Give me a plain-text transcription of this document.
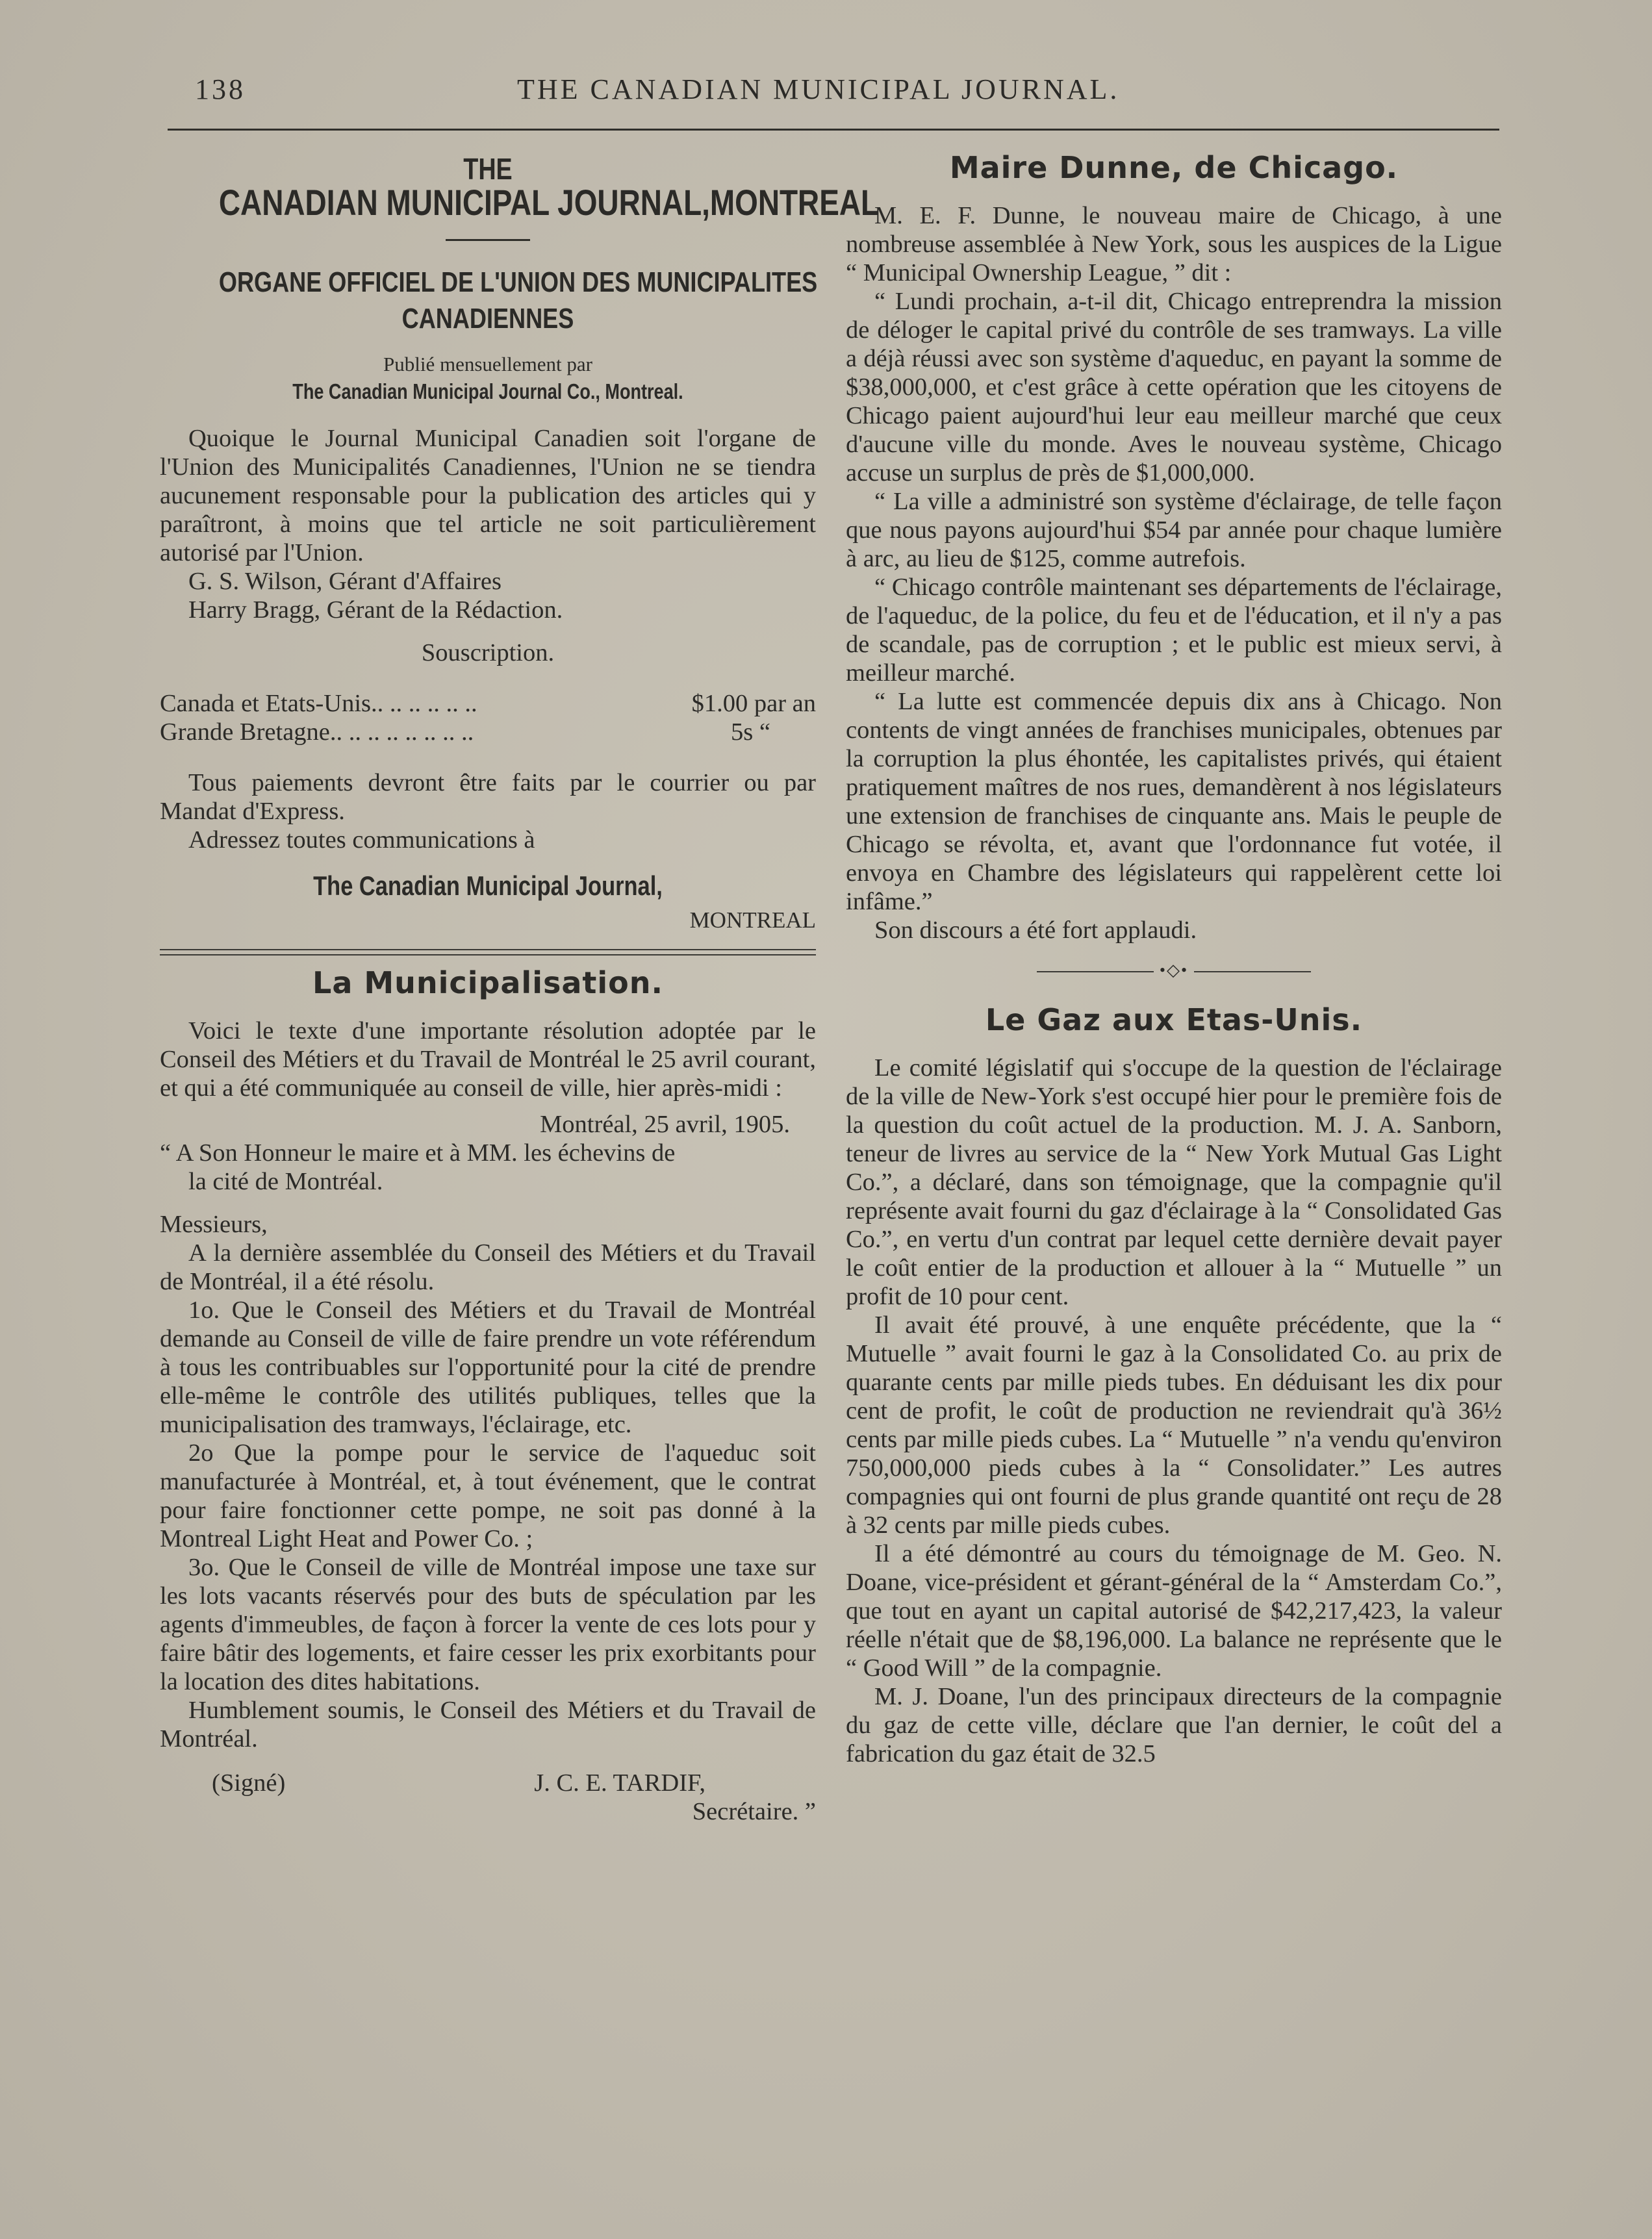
138	THE CANADIAN MUNICIPAL JOURNAL.
THE
CANADIAN MUNICIPAL JOURNAL,MONTREAL
ORGANE OFFICIEL DE L'UNION DES MUNICIPALITES
CANADIENNES
Publié mensuellement par
The Canadian Municipal Journal Co., Montreal.

Quoique le Journal Municipal Canadien soit l'organe de l'Union des Municipalités Canadiennes, l'Union ne se tiendra aucunement responsable pour la publication des articles qui y paraîtront, à moins que tel article ne soit particulièrement autorisé par l'Union.

G. S. Wilson, Gérant d'Affaires
Harry Bragg, Gérant de la Rédaction.
Souscription.
Canada et Etats-Unis.. .. .. .. .. ..	$1.00 par an
Grande Bretagne.. .. .. .. .. .. .. ..	5s “

Tous paiements devront être faits par le courrier ou par Mandat d'Express.

Adressez toutes communications à

The Canadian Municipal Journal,
MONTREAL
La Municipalisation.

Voici le texte d'une importante résolution adoptée par le Conseil des Métiers et du Travail de Montréal le 25 avril courant, et qui a été communiquée au conseil de ville, hier après-midi :

Montréal, 25 avril, 1905.
“ A Son Honneur le maire et à MM. les échevins de
la cité de Montréal.
Messieurs,

A la dernière assemblée du Conseil des Métiers et du Travail de Montréal, il a été résolu.

1o. Que le Conseil des Métiers et du Travail de Montréal demande au Conseil de ville de faire prendre un vote référendum à tous les contribuables sur l'opportunité pour la cité de prendre elle-même le contrôle des utilités publiques, telles que la municipalisation des tramways, l'éclairage, etc.

2o Que la pompe pour le service de l'aqueduc soit manufacturée à Montréal, et, à tout événement, que le contrat pour faire fonctionner cette pompe, ne soit pas donné à la Montreal Light Heat and Power Co. ;

3o. Que le Conseil de ville de Montréal impose une taxe sur les lots vacants réservés pour des buts de spéculation par les agents d'immeubles, de façon à forcer la vente de ces lots pour y faire bâtir des logements, et faire cesser les prix exorbitants pour la location des dites habitations.

Humblement soumis, le Conseil des Métiers et du Travail de Montréal.

(Signé)	J. C. E. TARDIF,
Secrétaire. ”
Maire Dunne, de Chicago.

M. E. F. Dunne, le nouveau maire de Chicago, à une nombreuse assemblée à New York, sous les auspices de la Ligue “ Municipal Ownership League, ” dit :

“ Lundi prochain, a-t-il dit, Chicago entreprendra la mission de déloger le capital privé du contrôle de ses tramways. La ville a déjà réussi avec son système d'aqueduc, en payant la somme de $38,000,000, et c'est grâce à cette opération que les citoyens de Chicago paient aujourd'hui leur eau meilleur marché que ceux d'aucune ville du monde. Aves le nouveau système, Chicago accuse un surplus de près de $1,000,000.

“ La ville a administré son système d'éclairage, de telle façon que nous payons aujourd'hui $54 par année pour chaque lumière à arc, au lieu de $125, comme autrefois.

“ Chicago contrôle maintenant ses départements de l'éclairage, de l'aqueduc, de la police, du feu et de l'éducation, et il n'y a pas de scandale, pas de corruption ; et le public est mieux servi, à meilleur marché.

“ La lutte est commencée depuis dix ans à Chicago. Non contents de vingt années de franchises municipales, obtenues par la corruption la plus éhontée, les capitalistes privés, qui étaient pratiquement maîtres de nos rues, demandèrent à nos législateurs une extension de franchises de cinquante ans. Mais le peuple de Chicago se révolta, et, avant que l'ordonnance fut votée, il envoya en Chambre des législateurs qui rappelèrent cette loi infâme.”

Son discours a été fort applaudi.

•◇•
Le Gaz aux Etas-Unis.

Le comité législatif qui s'occupe de la question de l'éclairage de la ville de New-York s'est occupé hier pour le première fois de la question du coût actuel de la production. M. J. A. Sanborn, teneur de livres au service de la “ New York Mutual Gas Light Co.”, a déclaré, dans son témoignage, que la compagnie qu'il représente avait fourni du gaz d'éclairage à la “ Consolidated Gas Co.”, en vertu d'un contrat par lequel cette dernière devait payer le coût entier de la production et allouer à la “ Mutuelle ” un profit de 10 pour cent.

Il avait été prouvé, à une enquête précédente, que la “ Mutuelle ” avait fourni le gaz à la Consolidated Co. au prix de quarante cents par mille pieds tubes. En déduisant les dix pour cent de profit, le coût de production ne reviendrait qu'à 36½ cents par mille pieds cubes. La “ Mutuelle ” n'a vendu qu'environ 750,000,000 pieds cubes à la “ Consolidater.” Les autres compagnies qui ont fourni de plus grande quantité ont reçu de 28 à 32 cents par mille pieds cubes.

Il a été démontré au cours du témoignage de M. Geo. N. Doane, vice-président et gérant-général de la “ Amsterdam Co.”, que tout en ayant un capital autorisé de $42,217,423, la valeur réelle n'était que de $8,196,000. La balance ne représente que le “ Good Will ” de la compagnie.

M. J. Doane, l'un des principaux directeurs de la compagnie du gaz de cette ville, déclare que l'an dernier, le coût del a fabrication du gaz était de 32.5
